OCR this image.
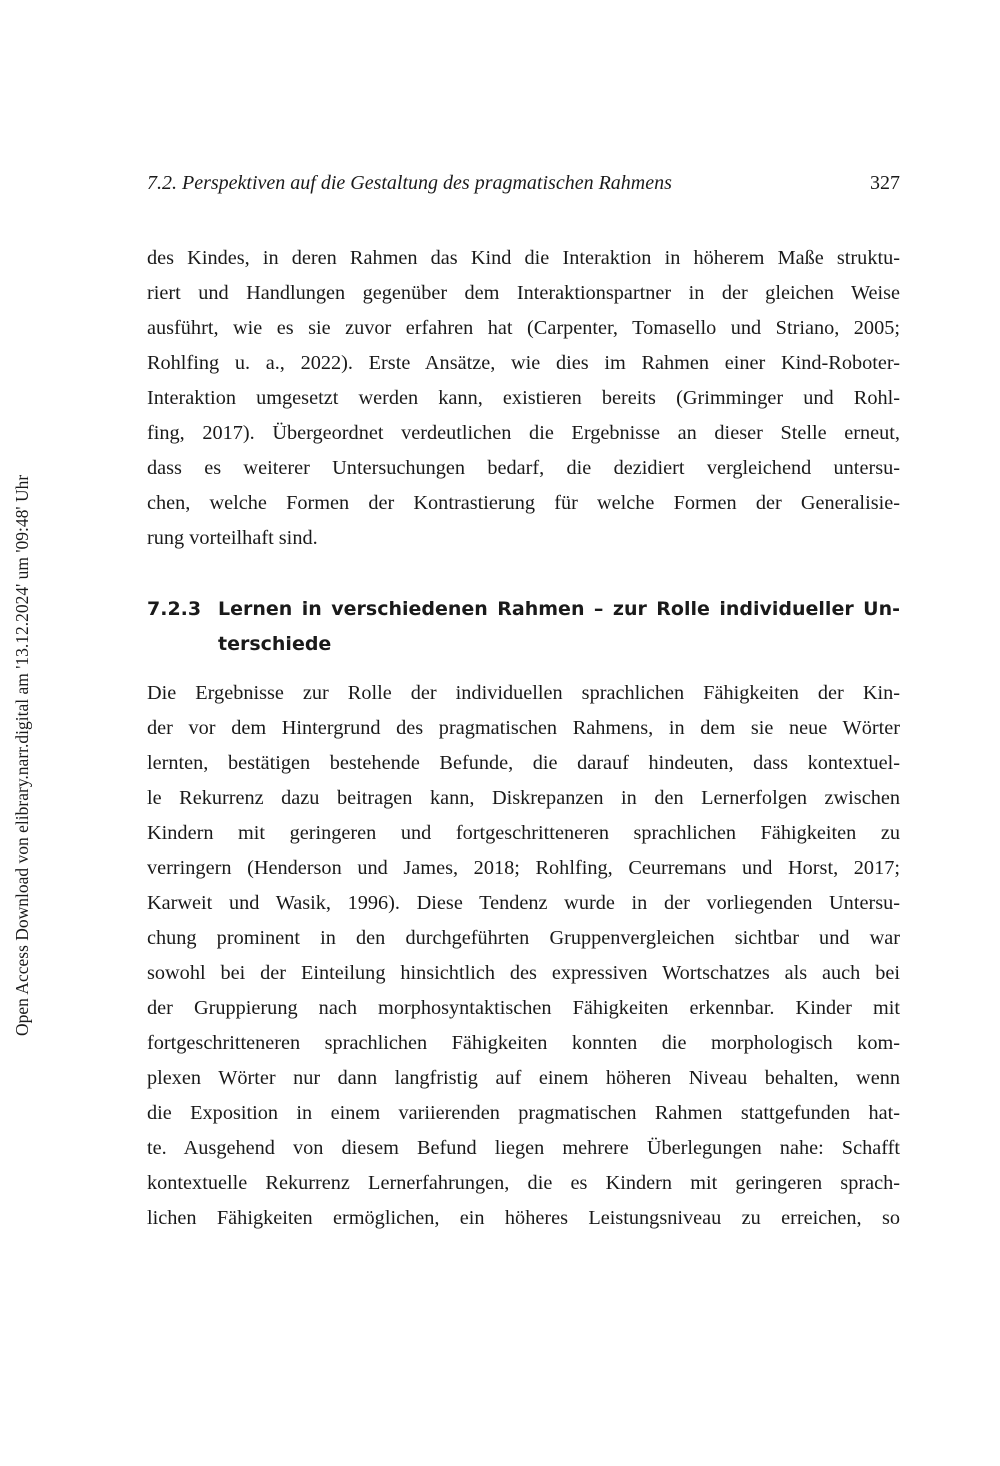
Open Access Download von elibrary.narr.digital am '13.12.2024' um '09:48' Uhr
7.2. Perspektiven auf die Gestaltung des pragmatischen Rahmens	327
des Kindes, in deren Rahmen das Kind die Interaktion in höherem Maße struktu-
riert und Handlungen gegenüber dem Interaktionspartner in der gleichen Weise
ausführt, wie es sie zuvor erfahren hat (Carpenter, Tomasello und Striano, 2005;
Rohlfing u. a., 2022). Erste Ansätze, wie dies im Rahmen einer Kind-Roboter-
Interaktion umgesetzt werden kann, existieren bereits (Grimminger und Rohl-
fing, 2017). Übergeordnet verdeutlichen die Ergebnisse an dieser Stelle erneut,
dass es weiterer Untersuchungen bedarf, die dezidiert vergleichend untersu-
chen, welche Formen der Kontrastierung für welche Formen der Generalisie-
rung vorteilhaft sind.
7.2.3 Lernen in verschiedenen Rahmen – zur Rolle individueller Un-
terschiede
Die Ergebnisse zur Rolle der individuellen sprachlichen Fähigkeiten der Kin-
der vor dem Hintergrund des pragmatischen Rahmens, in dem sie neue Wörter
lernten, bestätigen bestehende Befunde, die darauf hindeuten, dass kontextuel-
le Rekurrenz dazu beitragen kann, Diskrepanzen in den Lernerfolgen zwischen
Kindern mit geringeren und fortgeschritteneren sprachlichen Fähigkeiten zu
verringern (Henderson und James, 2018; Rohlfing, Ceurremans und Horst, 2017;
Karweit und Wasik, 1996). Diese Tendenz wurde in der vorliegenden Untersu-
chung prominent in den durchgeführten Gruppenvergleichen sichtbar und war
sowohl bei der Einteilung hinsichtlich des expressiven Wortschatzes als auch bei
der Gruppierung nach morphosyntaktischen Fähigkeiten erkennbar. Kinder mit
fortgeschritteneren sprachlichen Fähigkeiten konnten die morphologisch kom-
plexen Wörter nur dann langfristig auf einem höheren Niveau behalten, wenn
die Exposition in einem variierenden pragmatischen Rahmen stattgefunden hat-
te. Ausgehend von diesem Befund liegen mehrere Überlegungen nahe: Schafft
kontextuelle Rekurrenz Lernerfahrungen, die es Kindern mit geringeren sprach-
lichen Fähigkeiten ermöglichen, ein höheres Leistungsniveau zu erreichen, so
